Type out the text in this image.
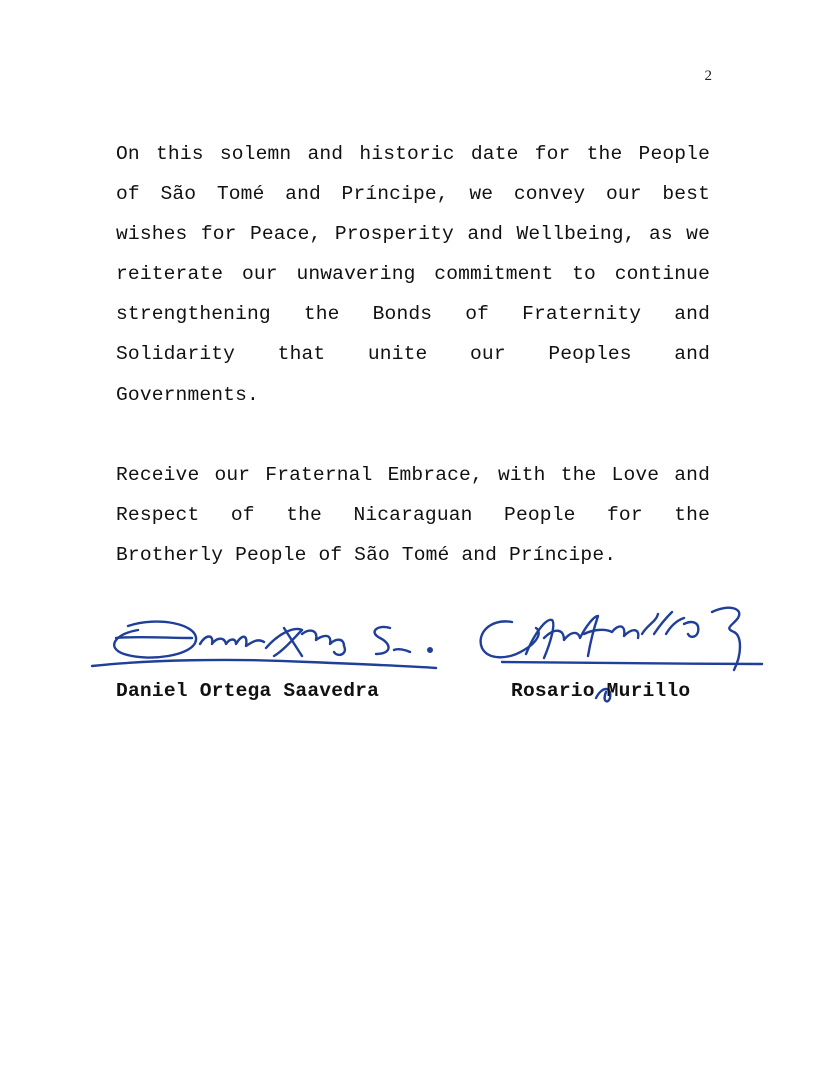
2

On this solemn and historic date for the People of São Tomé and Príncipe, we convey our best wishes for Peace, Prosperity and Wellbeing, as we reiterate our unwavering commitment to continue strengthening the Bonds of Fraternity and Solidarity that unite our Peoples and Governments.

Receive our Fraternal Embrace, with the Love and Respect of the Nicaraguan People for the Brotherly People of São Tomé and Príncipe.

Daniel Ortega Saavedra	Rosario Murillo
